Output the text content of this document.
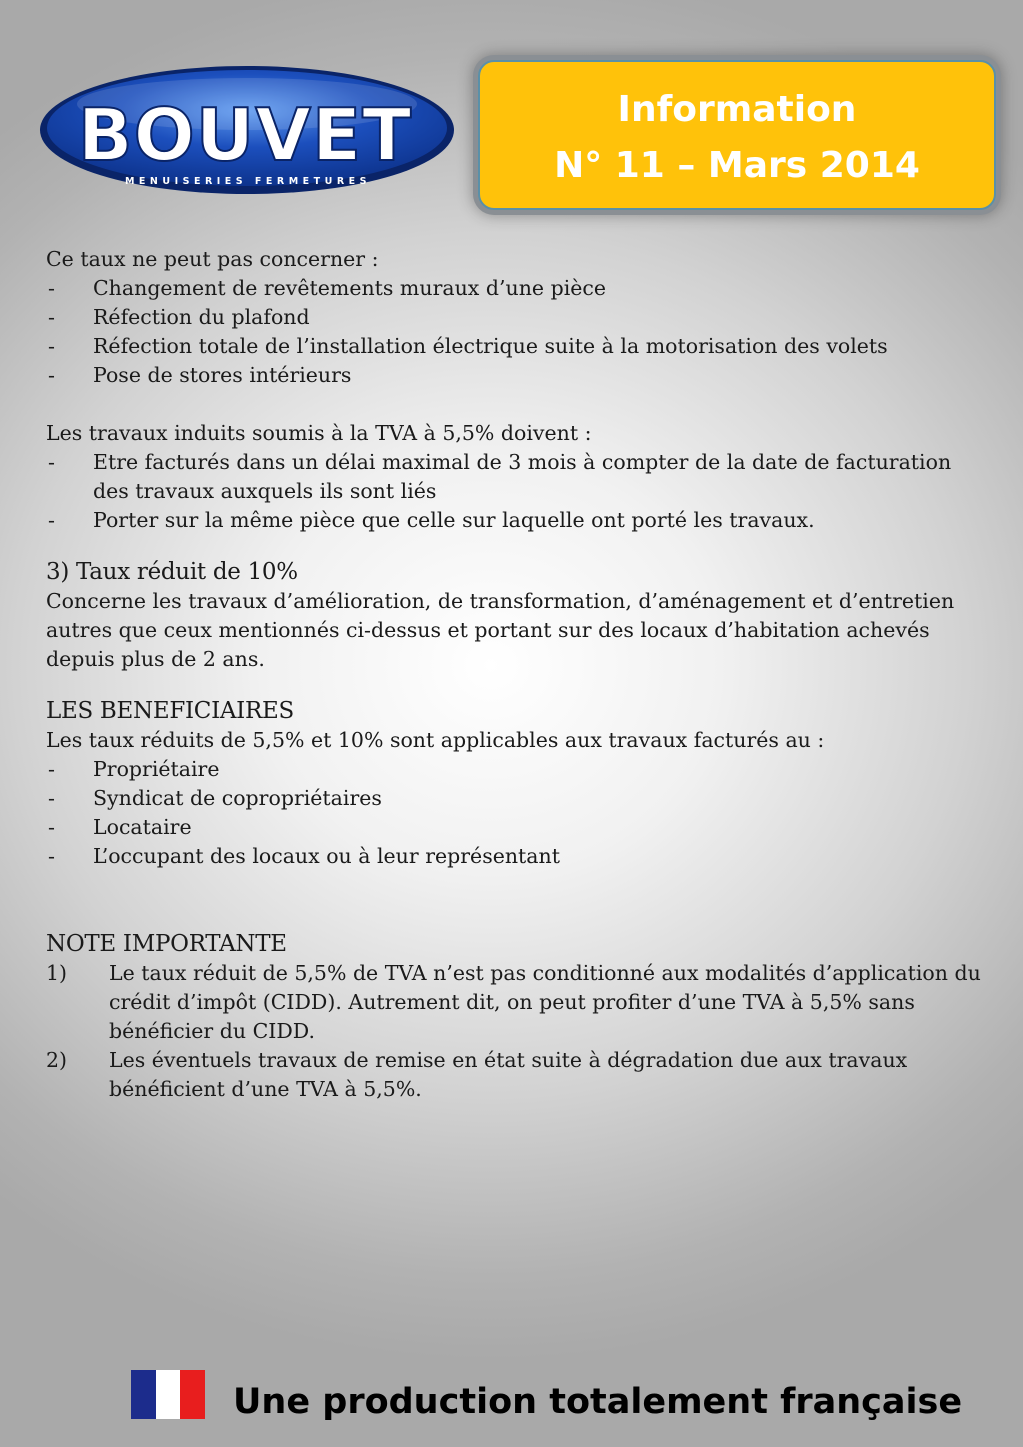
BOUVET
MENUISERIES FERMETURES
Information
N° 11 – Mars 2014

Ce taux ne peut pas concerner :

- Changement de revêtements muraux d’une pièce
- Réfection du plafond
- Réfection totale de l’installation électrique suite à la motorisation des volets
- Pose de stores intérieurs

Les travaux induits soumis à la TVA à 5,5% doivent :

- Etre facturés dans un délai maximal de 3 mois à compter de la date de facturation des travaux auxquels ils sont liés
- Porter sur la même pièce que celle sur laquelle ont porté les travaux.

3) Taux réduit de 10%

Concerne les travaux d’amélioration, de transformation, d’aménagement et d’entretien autres que ceux mentionnés ci-dessus et portant sur des locaux d’habitation achevés depuis plus de 2 ans.

LES BENEFICIAIRES

Les taux réduits de 5,5% et 10% sont applicables aux travaux facturés au :

- Propriétaire
- Syndicat de copropriétaires
- Locataire
- L’occupant des locaux ou à leur représentant

NOTE IMPORTANTE

1) Le taux réduit de 5,5% de TVA n’est pas conditionné aux modalités d’application du crédit d’impôt (CIDD). Autrement dit, on peut profiter d’une TVA à 5,5% sans bénéficier du CIDD.
2) Les éventuels travaux de remise en état suite à dégradation due aux travaux bénéficient d’une TVA à 5,5%.
Une production totalement française
